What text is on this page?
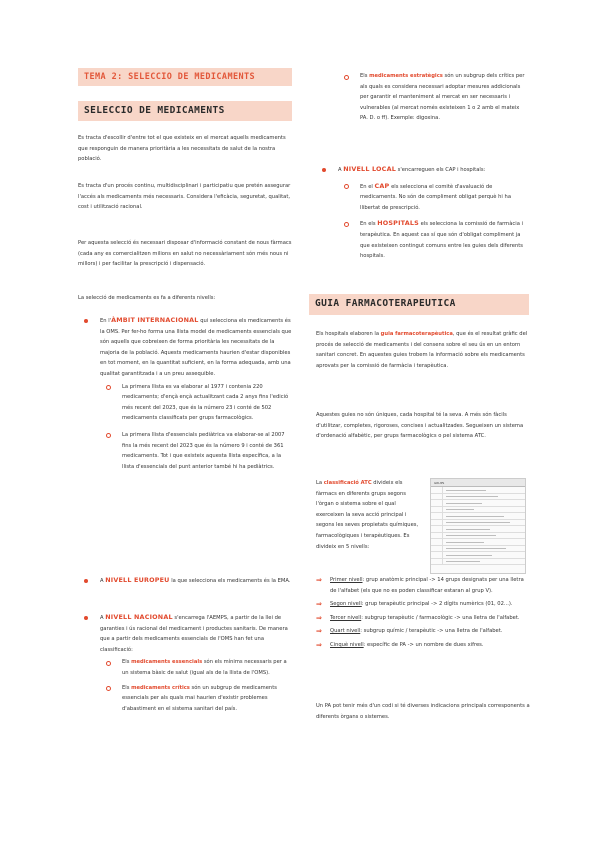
TEMA 2: SELECCIO DE MEDICAMENTS
SELECCIO DE MEDICAMENTS

Es tracta d'escollir d'entre tot el que existeix en el mercat aquells medicaments que responguin de manera prioritària a les necessitats de salut de la nostra població.

Es tracta d'un procés continu, multidisciplinari i participatiu que pretén assegurar l'accés als medicaments més necessaris. Considera l'eficàcia, seguretat, qualitat, cost i utilització racional.

Per aquesta selecció és necessari disposar d'informació constant de nous fàrmacs (cada any es comercialitzen milions en salut no necessàriament són més nous ni millors) i per facilitar la prescripció i dispensació.

La selecció de medicaments es fa a diferents nivells:

En l'ÀMBIT INTERNACIONAL qui selecciona els medicaments és la OMS. Per fer-ho forma una llista model de medicaments essencials que són aquells que cobreixen de forma prioritària les necessitats de la majoria de la població. Aquests medicaments haurien d'estar disponibles en tot moment, en la quantitat suficient, en la forma adequada, amb una qualitat garantitzada i a un preu assequible.
La primera llista es va elaborar al 1977 i contenia 220 medicaments; d'ençà ençà actualitzant cada 2 anys fins l'edició més recent del 2023, que és la número 23 i conté de 502 medicaments classificats per grups farmacològics.
La primera llista d'essencials pediàtrica va elaborar-se al 2007 fins la més recent del 2023 que és la número 9 i conté de 361 medicaments. Tot i que existeix aquesta llista específica, a la llista d'essencials del punt anterior també hi ha pediàtrics.
A NIVELL EUROPEU la que selecciona els medicaments és la EMA.
A NIVELL NACIONAL s'encarrega l'AEMPS, a partir de la llei de garanties i ús racional del medicament i productes sanitaris. De manera que a partir dels medicaments essencials de l'OMS han fet una classificació:
Els medicaments essencials són els mínims necessaris per a un sistema bàsic de salut (igual als de la llista de l'OMS).
Els medicaments crítics són un subgrup de medicaments essencials per als quals mai haurien d'existir problemes d'abastiment en el sistema sanitari del país.
Els medicaments estratègics són un subgrup dels crítics per als quals es considera necessari adoptar mesures addicionals per garantir el manteniment al mercat en ser necessaris i vulnerables (al mercat només existeixen 1 o 2 amb el mateix PA. D. o ff). Exemple: digoxina.
A NIVELL LOCAL s'encarreguen els CAP i hospitals:
En el CAP els selecciona el comitè d'avaluació de medicaments. No són de compliment obligat perquè hi ha llibertat de prescripció.
En els HOSPITALS els selecciona la comissió de farmàcia i terapèutica. En aquest cas sí que són d'obligat compliment ja que existeixen contingut comuns entre les guies dels diferents hospitals.
GUIA FARMACOTERAPEUTICA

Els hospitals elaboren la guia farmacoterapèutica, que és el resultat gràfic del procés de selecció de medicaments i del consens sobre el seu ús en un entorn sanitari concret. En aquestes guies trobem la informació sobre els medicaments aprovats per la comissió de farmàcia i terapèutica.

Aquestes guies no són úniques, cada hospital té la seva. A més són fàcils d'utilitzar, completes, rigoroses, concises i actualitzades. Segueixen un sistema d'ordenació alfabètic, per grups farmacològics o pel sistema ATC.

La classificació ATC divideix els fàrmacs en diferents grups segons l'òrgan o sistema sobre el qual exerceixen la seva acció principal i segons les seves propietats químiques, farmacològiques i terapèutiques. Es divideix en 5 nivells:

GRUPS
⇒ Primer nivell: grup anatòmic principal -> 14 grups designats per una lletra de l'alfabet (els que no es poden classificar estaran al grup V).
⇒ Segon nivell: grup terapèutic principal -> 2 dígits numèrics (01, 02...).
⇒ Tercer nivell: subgrup terapèutic / farmacològic -> una lletra de l'alfabet.
⇒ Quart nivell: subgrup químic / terapèutic -> una lletra de l'alfabet.
⇒ Cinquè nivell: específic de PA -> un nombre de dues xifres.

Un PA pot tenir més d'un codi si té diverses indicacions principals corresponents a diferents òrgans o sistemes.
